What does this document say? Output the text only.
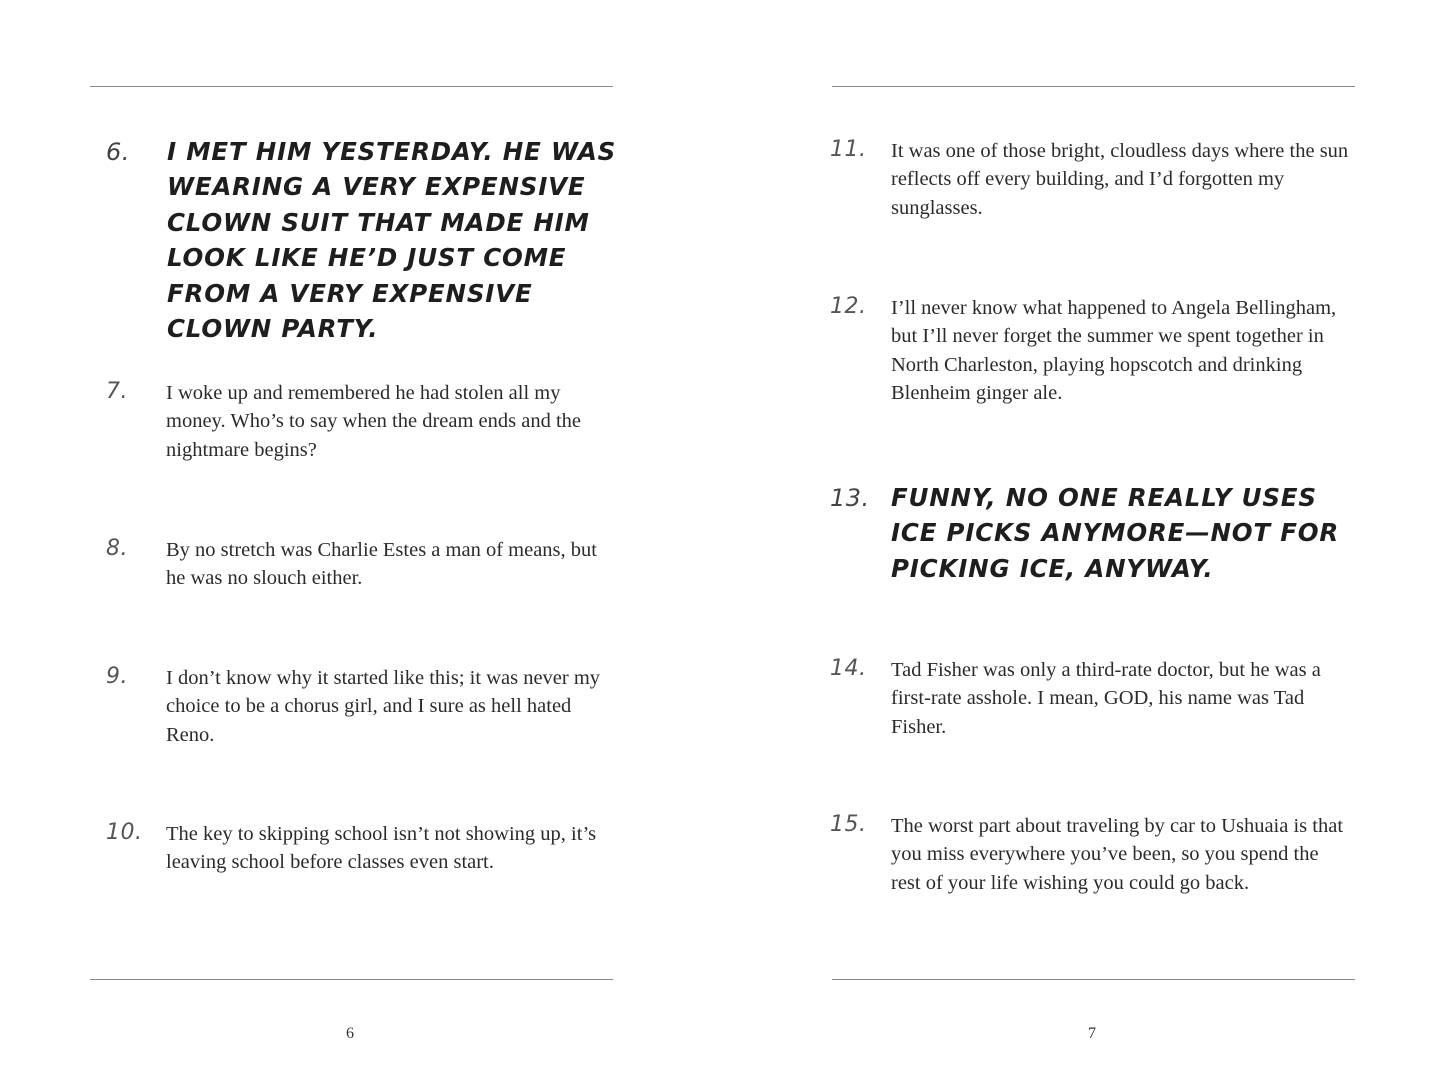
6. I MET HIM YESTERDAY. HE WAS WEARING A VERY EXPENSIVE CLOWN SUIT THAT MADE HIM LOOK LIKE HE’D JUST COME FROM A VERY EXPENSIVE CLOWN PARTY.
7. I woke up and remembered he had stolen all my money. Who’s to say when the dream ends and the nightmare begins?
8. By no stretch was Charlie Estes a man of means, but he was no slouch either.
9. I don’t know why it started like this; it was never my choice to be a chorus girl, and I sure as hell hated Reno.
10. The key to skipping school isn’t not showing up, it’s leaving school before classes even start.
6
11. It was one of those bright, cloudless days where the sun reflects off every building, and I’d forgotten my sunglasses.
12. I’ll never know what happened to Angela Bellingham, but I’ll never forget the summer we spent together in North Charleston, playing hopscotch and drinking Blenheim ginger ale.
13. FUNNY, NO ONE REALLY USES ICE PICKS ANYMORE—NOT FOR PICKING ICE, ANYWAY.
14. Tad Fisher was only a third-rate doctor, but he was a first-rate asshole. I mean, GOD, his name was Tad Fisher.
15. The worst part about traveling by car to Ushuaia is that you miss everywhere you’ve been, so you spend the rest of your life wishing you could go back.
7
